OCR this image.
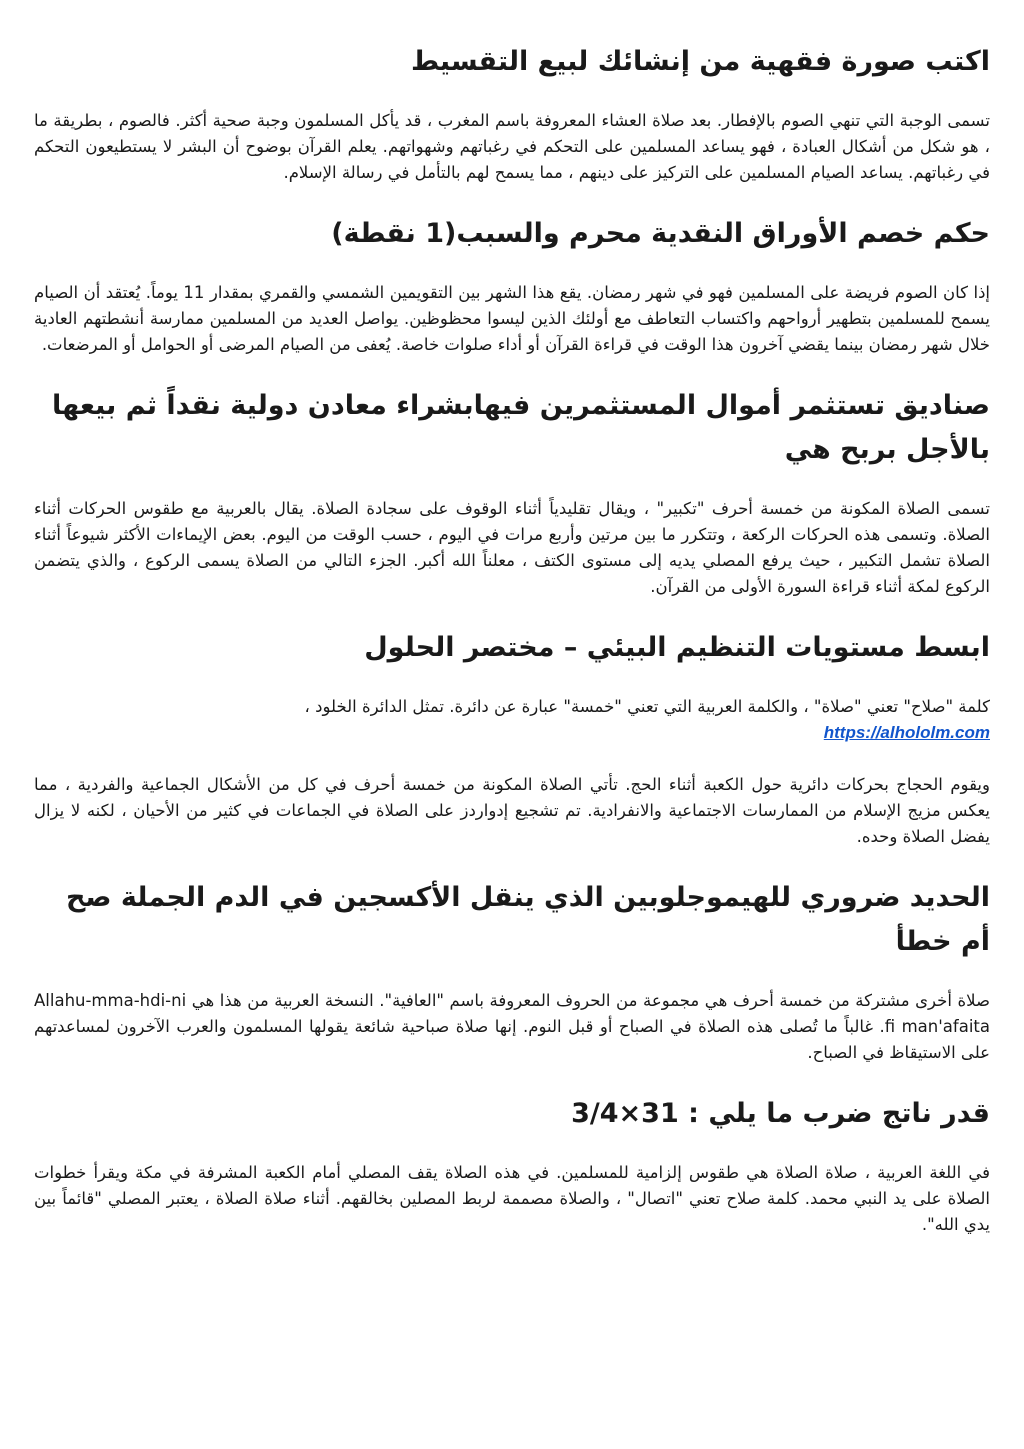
اكتب صورة فقهية من إنشائك لبيع التقسيط

تسمى الوجبة التي تنهي الصوم بالإفطار. بعد صلاة العشاء المعروفة باسم المغرب ، قد يأكل المسلمون وجبة صحية أكثر. فالصوم ، بطريقة ما ، هو شكل من أشكال العبادة ، فهو يساعد المسلمين على التحكم في رغباتهم وشهواتهم. يعلم القرآن بوضوح أن البشر لا يستطيعون التحكم في رغباتهم. يساعد الصيام المسلمين على التركيز على دينهم ، مما يسمح لهم بالتأمل في رسالة الإسلام.

حكم خصم الأوراق النقدية محرم والسبب(1 نقطة)

إذا كان الصوم فريضة على المسلمين فهو في شهر رمضان. يقع هذا الشهر بين التقويمين الشمسي والقمري بمقدار 11 يوماً. يُعتقد أن الصيام يسمح للمسلمين بتطهير أرواحهم واكتساب التعاطف مع أولئك الذين ليسوا محظوظين. يواصل العديد من المسلمين ممارسة أنشطتهم العادية خلال شهر رمضان بينما يقضي آخرون هذا الوقت في قراءة القرآن أو أداء صلوات خاصة. يُعفى من الصيام المرضى أو الحوامل أو المرضعات.

صناديق تستثمر أموال المستثمرين فيهابشراء معادن دولية نقداً ثم بيعها بالأجل بربح هي

تسمى الصلاة المكونة من خمسة أحرف "تكبير" ، ويقال تقليدياً أثناء الوقوف على سجادة الصلاة. يقال بالعربية مع طقوس الحركات أثناء الصلاة. وتسمى هذه الحركات الركعة ، وتتكرر ما بين مرتين وأربع مرات في اليوم ، حسب الوقت من اليوم. بعض الإيماءات الأكثر شيوعاً أثناء الصلاة تشمل التكبير ، حيث يرفع المصلي يديه إلى مستوى الكتف ، معلناً الله أكبر. الجزء التالي من الصلاة يسمى الركوع ، والذي يتضمن الركوع لمكة أثناء قراءة السورة الأولى من القرآن.

ابسط مستويات التنظيم البيئي – مختصر الحلول

كلمة "صلاح" تعني "صلاة" ، والكلمة العربية التي تعني "خمسة" عبارة عن دائرة. تمثل الدائرة الخلود ،
https://alhololm.com

ويقوم الحجاج بحركات دائرية حول الكعبة أثناء الحج. تأتي الصلاة المكونة من خمسة أحرف في كل من الأشكال الجماعية والفردية ، مما يعكس مزيج الإسلام من الممارسات الاجتماعية والانفرادية. تم تشجيع إدواردز على الصلاة في الجماعات في كثير من الأحيان ، لكنه لا يزال يفضل الصلاة وحده.

الحديد ضروري للهيموجلوبين الذي ينقل الأكسجين في الدم الجملة صح أم خطأ

صلاة أخرى مشتركة من خمسة أحرف هي مجموعة من الحروف المعروفة باسم "العافية". النسخة العربية من هذا هي Allahu-mma-hdi-ni fi man'afaita. غالباً ما تُصلى هذه الصلاة في الصباح أو قبل النوم. إنها صلاة صباحية شائعة يقولها المسلمون والعرب الآخرون لمساعدتهم على الاستيقاظ في الصباح.

قدر ناتج ضرب ما يلي : 31×3/4

في اللغة العربية ، صلاة الصلاة هي طقوس إلزامية للمسلمين. في هذه الصلاة يقف المصلي أمام الكعبة المشرفة في مكة ويقرأ خطوات الصلاة على يد النبي محمد. كلمة صلاح تعني "اتصال" ، والصلاة مصممة لربط المصلين بخالقهم. أثناء صلاة الصلاة ، يعتبر المصلي "قائماً بين يدي الله".
